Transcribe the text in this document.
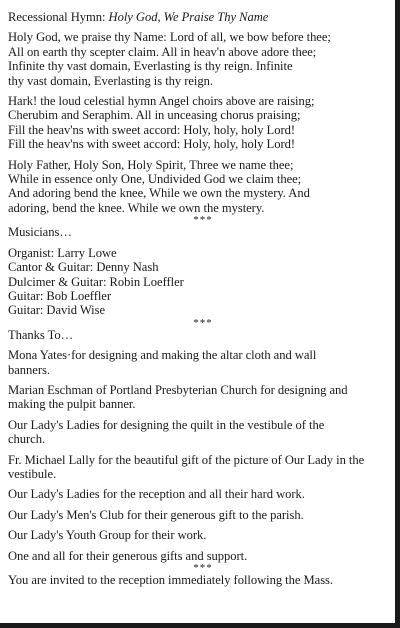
Recessional Hymn: Holy God, We Praise Thy Name
Holy God, we praise thy Name: Lord of all, we bow before thee;
All on earth thy scepter claim. All in heav'n above adore thee;
Infinite thy vast domain, Everlasting is thy reign. Infinite
thy vast domain, Everlasting is thy reign.
Hark! the loud celestial hymn Angel choirs above are raising;
Cherubim and Seraphim. All in unceasing chorus praising;
Fill the heav'ns with sweet accord: Holy, holy, holy Lord!
Fill the heav'ns with sweet accord: Holy, holy, holy Lord!
Holy Father, Holy Son, Holy Spirit, Three we name thee;
While in essence only One, Undivided God we claim thee;
And adoring bend the knee, While we own the mystery. And
adoring, bend the knee. While we own the mystery.
***
Musicians…
Organist: Larry Lowe
Cantor & Guitar: Denny Nash
Dulcimer & Guitar: Robin Loeffler
Guitar: Bob Loeffler
Guitar: David Wise
***
Thanks To…
Mona Yates·for designing and making the altar cloth and wall
banners.
Marian Eschman of Portland Presbyterian Church for designing and
making the pulpit banner.
Our Lady's Ladies for designing the quilt in the vestibule of the
church.
Fr. Michael Lally for the beautiful gift of the picture of Our Lady in the
vestibule.
Our Lady's Ladies for the reception and all their hard work.
Our Lady's Men's Club for their generous gift to the parish.
Our Lady's Youth Group for their work.
One and all for their generous gifts and support.
***
You are invited to the reception immediately following the Mass.
